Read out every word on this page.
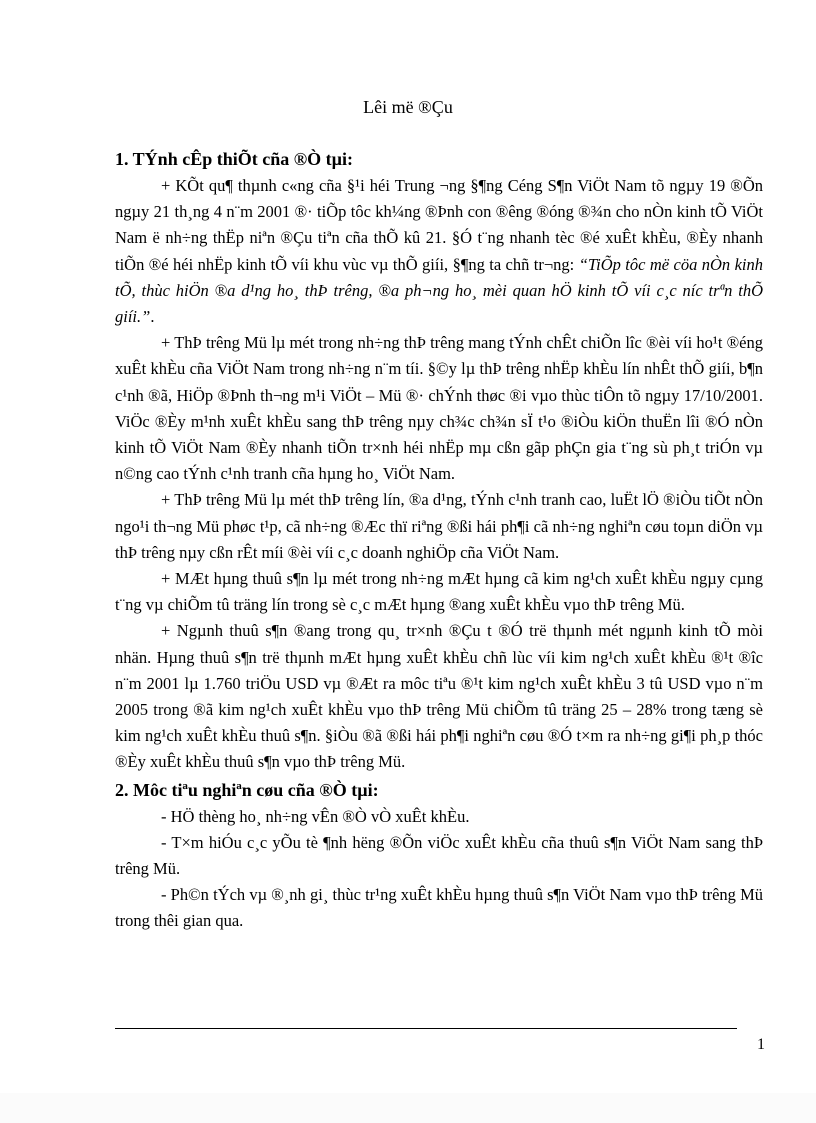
Lêi më ®Çu
1. TÝnh cÊp thiÕt cña ®Ò tµi:

+ KÕt qu¶ thµnh c«ng cña §¹i héi Trung ¬ng §¶ng Céng S¶n ViÖt Nam tõ ngµy 19 ®Õn ngµy 21 th¸ng 4 n¨m 2001 ®· tiÕp tôc kh¼ng ®Þnh con ®êng ®óng ®¾n cho nÒn kinh tÕ ViÖt Nam ë nh÷ng thËp niªn ®Çu tiªn cña thÕ kû 21. §Ó t¨ng nhanh tèc ®é xuÊt khÈu, ®Èy nhanh tiÕn ®é héi nhËp kinh tÕ víi khu vùc vµ thÕ giíi, §¶ng ta chñ tr¬ng: “TiÕp tôc më cöa nÒn kinh tÕ, thùc hiÖn ®a d¹ng ho¸ thÞ trêng, ®a ph¬ng ho¸ mèi quan hÖ kinh tÕ víi c¸c níc trªn thÕ giíi.”.

+ ThÞ trêng Mü lµ mét trong nh÷ng thÞ trêng mang tÝnh chÊt chiÕn lîc ®èi víi ho¹t ®éng xuÊt khÈu cña ViÖt Nam trong nh÷ng n¨m tíi. §©y lµ thÞ trêng nhËp khÈu lín nhÊt thÕ giíi, b¶n c¹nh ®ã, HiÖp ®Þnh th¬ng m¹i ViÖt – Mü ®· chÝnh thøc ®i vµo thùc tiÔn tõ ngµy 17/10/2001. ViÖc ®Èy m¹nh xuÊt khÈu sang thÞ trêng nµy ch¾c ch¾n sÏ t¹o ®iÒu kiÖn thuËn lîi ®Ó nÒn kinh tÕ ViÖt Nam ®Èy nhanh tiÕn tr×nh héi nhËp mµ cßn gãp phÇn gia t¨ng sù ph¸t triÓn vµ n©ng cao tÝnh c¹nh tranh cña hµng ho¸ ViÖt Nam.

+ ThÞ trêng Mü lµ mét thÞ trêng lín, ®a d¹ng, tÝnh c¹nh tranh cao, luËt lÖ ®iÒu tiÕt nÒn ngo¹i th¬ng Mü phøc t¹p, cã nh÷ng ®Æc thï riªng ®ßi hái ph¶i cã nh÷ng nghiªn cøu toµn diÖn vµ thÞ trêng nµy cßn rÊt míi ®èi víi c¸c doanh nghiÖp cña ViÖt Nam.

+ MÆt hµng thuû s¶n lµ mét trong nh÷ng mÆt hµng cã kim ng¹ch xuÊt khÈu ngµy cµng t¨ng vµ chiÕm tû träng lín trong sè c¸c mÆt hµng ®ang xuÊt khÈu vµo thÞ trêng Mü.

+ Ngµnh thuû s¶n ®ang trong qu¸ tr×nh ®Çu t ®Ó trë thµnh mét ngµnh kinh tÕ mòi nhän. Hµng thuû s¶n trë thµnh mÆt hµng xuÊt khÈu chñ lùc víi kim ng¹ch xuÊt khÈu ®¹t ®îc n¨m 2001 lµ 1.760 triÖu USD vµ ®Æt ra môc tiªu ®¹t kim ng¹ch xuÊt khÈu 3 tû USD vµo n¨m 2005 trong ®ã kim ng¹ch xuÊt khÈu vµo thÞ trêng Mü chiÕm tû träng 25 – 28% trong tæng sè kim ng¹ch xuÊt khÈu thuû s¶n. §iÒu ®ã ®ßi hái ph¶i nghiªn cøu ®Ó t×m ra nh÷ng gi¶i ph¸p thóc ®Èy xuÊt khÈu thuû s¶n vµo thÞ trêng Mü.

2. Môc tiªu nghiªn cøu cña ®Ò tµi:

- HÖ thèng ho¸ nh÷ng vÊn ®Ò vÒ xuÊt khÈu.

- T×m hiÓu c¸c yÕu tè ¶nh hëng ®Õn viÖc xuÊt khÈu cña thuû s¶n ViÖt Nam sang thÞ trêng Mü.

- Ph©n tÝch vµ ®¸nh gi¸ thùc tr¹ng xuÊt khÈu hµng thuû s¶n ViÖt Nam vµo thÞ trêng Mü trong thêi gian qua.

1
